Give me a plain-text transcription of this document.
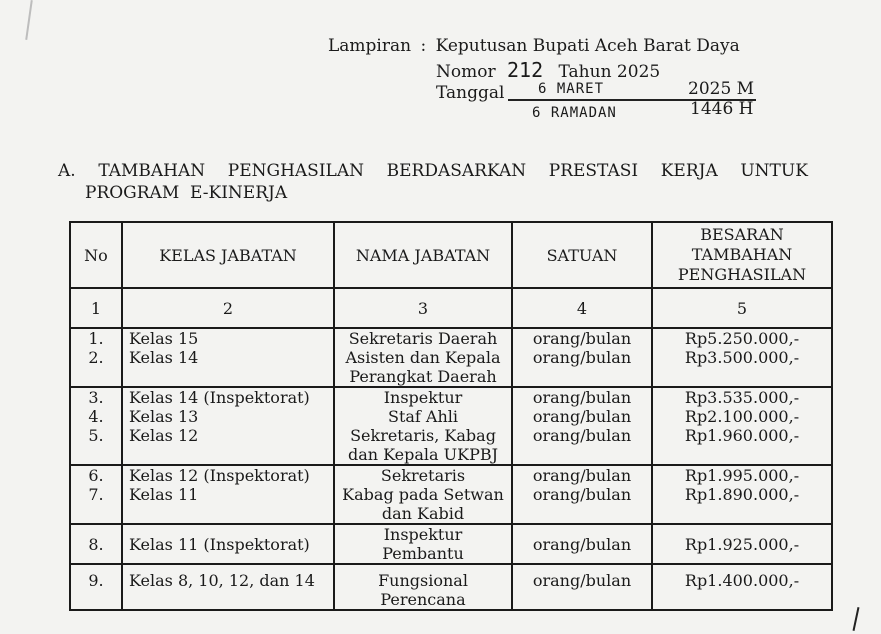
Lampiran : Keputusan Bupati Aceh Barat Daya
Nomor 212 Tahun 2025
Tanggal 6 MARET	2025 M
6 RAMADAN	1446 H
A. TAMBAHAN PENGHASILAN BERDASARKAN PRESTASI KERJA UNTUK
PROGRAM  E-KINERJA
No	KELAS JABATAN	NAMA JABATAN	SATUAN	BESARAN TAMBAHAN PENGHASILAN
1	2	3	4	5
1.	Kelas 15	Sekretaris Daerah	orang/bulan	Rp5.250.000,-
2.	Kelas 14	Asisten dan Kepala Perangkat Daerah	orang/bulan	Rp3.500.000,-
3.	Kelas 14 (Inspektorat)	Inspektur	orang/bulan	Rp3.535.000,-
4.	Kelas 13	Staf Ahli	orang/bulan	Rp2.100.000,-
5.	Kelas 12	Sekretaris, Kabag dan Kepala UKPBJ	orang/bulan	Rp1.960.000,-
6.	Kelas 12 (Inspektorat)	Sekretaris	orang/bulan	Rp1.995.000,-
7.	Kelas 11	Kabag pada Setwan dan Kabid	orang/bulan	Rp1.890.000,-
8.	Kelas 11 (Inspektorat)	Inspektur Pembantu	orang/bulan	Rp1.925.000,-
9.	Kelas 8, 10, 12, dan 14	Fungsional Perencana	orang/bulan	Rp1.400.000,-
